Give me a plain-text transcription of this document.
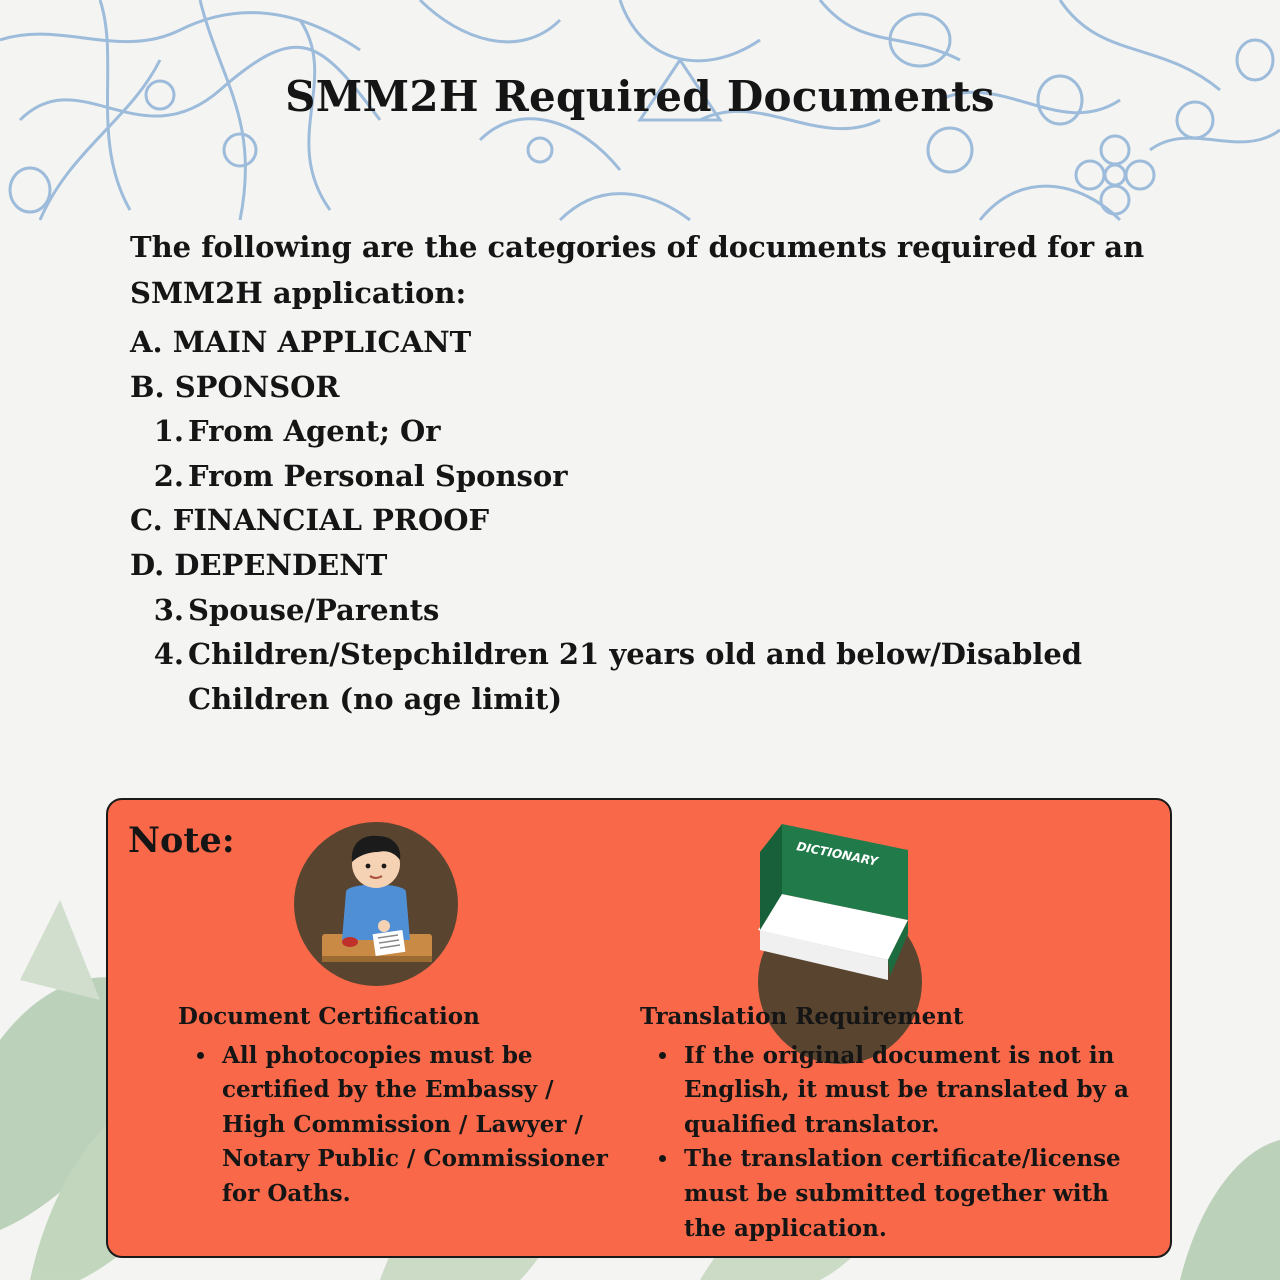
SMM2H Required Documents
The following are the categories of documents required for an SMM2H application:
A. MAIN APPLICANT
B. SPONSOR
1. From Agent; Or
2. From Personal Sponsor
C. FINANCIAL PROOF
D. DEPENDENT
3. Spouse/Parents
4. Children/Stepchildren 21 years old and below/Disabled Children (no age limit)
Note:	DICTIONARY
Document Certification
• All photocopies must be certified by the Embassy / High Commission / Lawyer / Notary Public / Commissioner for Oaths.
Translation Requirement
• If the original document is not in English, it must be translated by a qualified translator.
• The translation certificate/license must be submitted together with the application.
